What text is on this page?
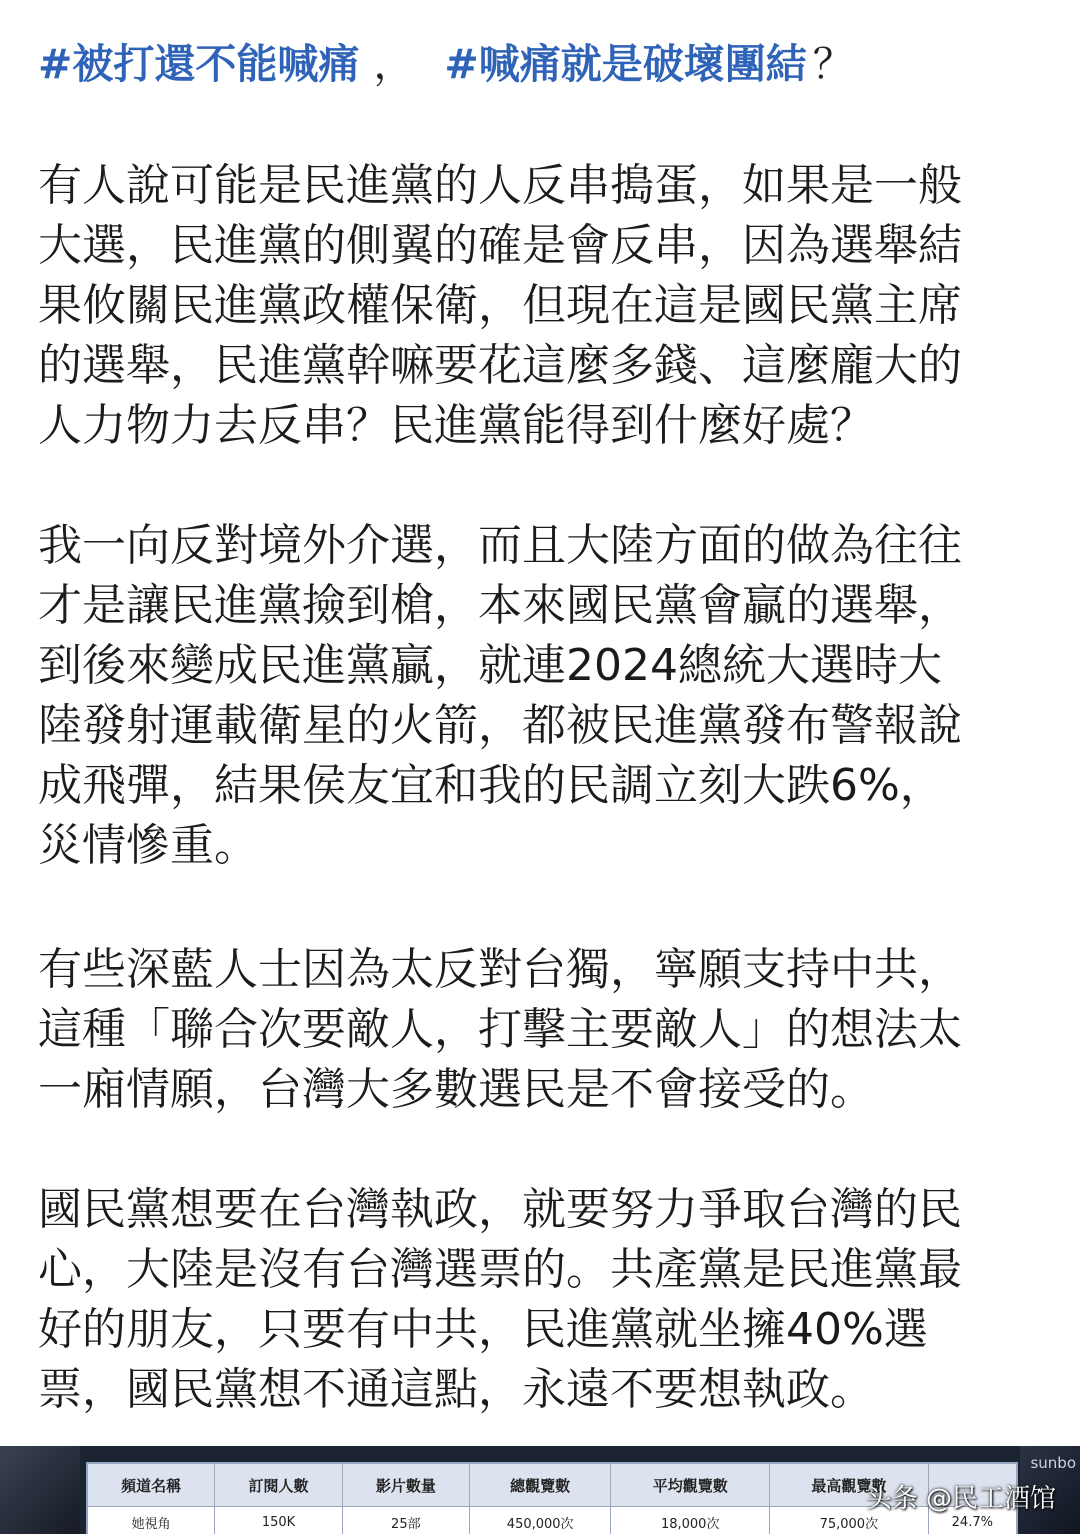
#被打還不能喊痛 ， #喊痛就是破壞團結 ？
有人說可能是民進黨的人反串搗蛋，如果是一般
大選，民進黨的側翼的確是會反串，因為選舉結
果攸關民進黨政權保衛，但現在這是國民黨主席
的選舉，民進黨幹嘛要花這麼多錢、這麼龐大的
人力物力去反串？民進黨能得到什麼好處？
我一向反對境外介選，而且大陸方面的做為往往
才是讓民進黨撿到槍，本來國民黨會贏的選舉，
到後來變成民進黨贏，就連2024總統大選時大
陸發射運載衛星的火箭，都被民進黨發布警報說
成飛彈，結果侯友宜和我的民調立刻大跌6%，
災情慘重。
有些深藍人士因為太反對台獨，寧願支持中共，
這種「聯合次要敵人，打擊主要敵人」的想法太
一廂情願，台灣大多數選民是不會接受的。
國民黨想要在台灣執政，就要努力爭取台灣的民
心，大陸是沒有台灣選票的。共產黨是民進黨最
好的朋友，只要有中共，民進黨就坐擁40%選
票，國民黨想不通這點，永遠不要想執政。
sunbo
頻道名稱	訂閱人數	影片數量	總觀覽數	平均觀覽數	最高觀覽數	
她視角	150K	25部	450,000次	18,000次	75,000次	24.7%
头条 @民工酒馆
